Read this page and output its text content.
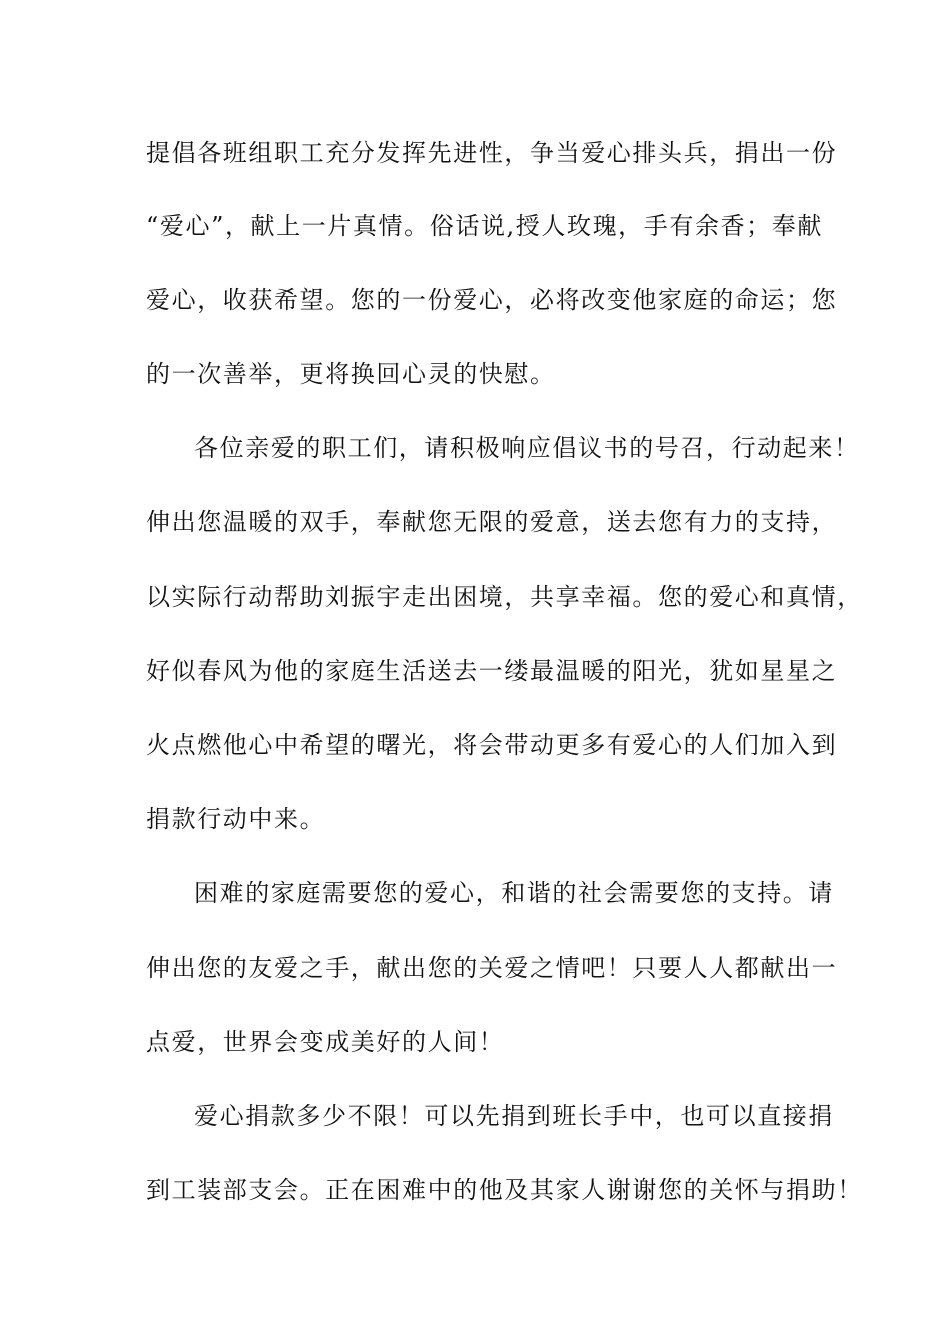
提倡各班组职工充分发挥先进性，争当爱心排头兵，捐出一份
“爱心”，献上一片真情。俗话说,授人玫瑰，手有余香；奉献
爱心，收获希望。您的一份爱心，必将改变他家庭的命运；您
的一次善举，更将换回心灵的快慰。
各位亲爱的职工们，请积极响应倡议书的号召，行动起来！
伸出您温暖的双手，奉献您无限的爱意，送去您有力的支持，
以实际行动帮助刘振宇走出困境，共享幸福。您的爱心和真情，
好似春风为他的家庭生活送去一缕最温暖的阳光，犹如星星之
火点燃他心中希望的曙光，将会带动更多有爱心的人们加入到
捐款行动中来。
困难的家庭需要您的爱心，和谐的社会需要您的支持。请
伸出您的友爱之手，献出您的关爱之情吧！只要人人都献出一
点爱，世界会变成美好的人间！
爱心捐款多少不限！可以先捐到班长手中，也可以直接捐
到工装部支会。正在困难中的他及其家人谢谢您的关怀与捐助！
